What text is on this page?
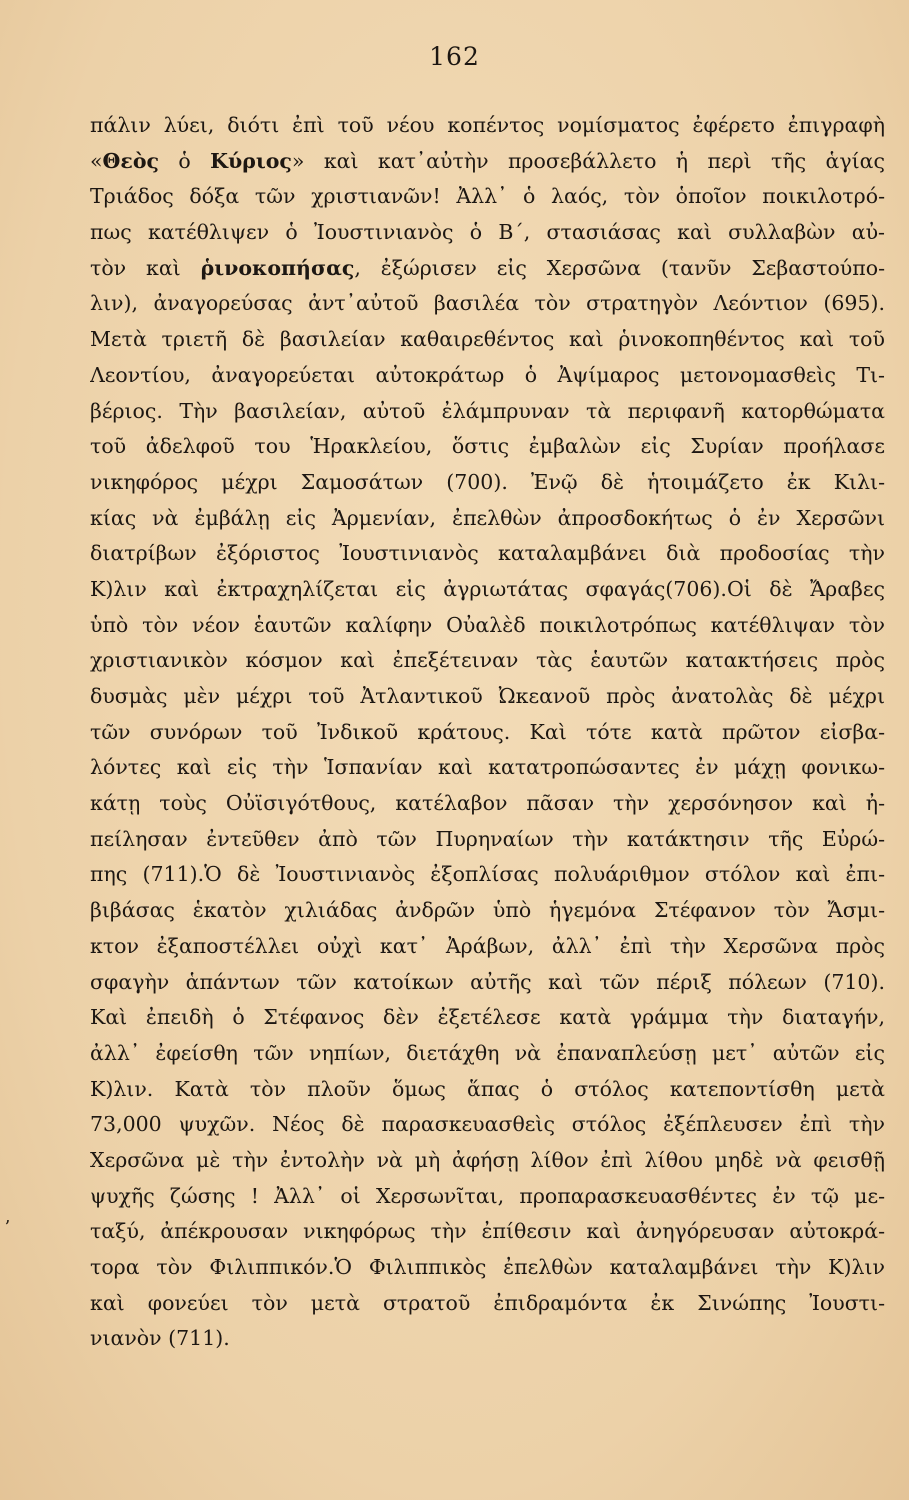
162
ʼ
πάλιν λύει, διότι ἐπὶ τοῦ νέου κοπέντος νομίσματος ἐφέρετο ἐπιγραφὴ
«Θεὸς ὁ Κύριος» καὶ κατ᾿αὐτὴν προσεβάλλετο ἡ περὶ τῆς ἁγίας
Τριάδος δόξα τῶν χριστιανῶν! Ἀλλ᾿ ὁ λαός, τὸν ὁποῖον ποικιλοτρό-
πως κατέθλιψεν ὁ Ἰουστινιανὸς ὁ Β΄, στασιάσας καὶ συλλαβὼν αὐ-
τὸν καὶ ῥινοκοπήσας, ἐξώρισεν εἰς Χερσῶνα (τανῦν Σεβαστούπο-
λιν), ἀναγορεύσας ἀντ᾿αὐτοῦ βασιλέα τὸν στρατηγὸν Λεόντιον (695).
Μετὰ τριετῆ δὲ βασιλείαν καθαιρεθέντος καὶ ῥινοκοπηθέντος καὶ τοῦ
Λεοντίου, ἀναγορεύεται αὐτοκράτωρ ὁ Ἀψίμαρος μετονομασθεὶς Τι-
βέριος. Τὴν βασιλείαν, αὐτοῦ ἐλάμπρυναν τὰ περιφανῆ κατορθώματα
τοῦ ἀδελφοῦ του Ἡρακλείου, ὅστις ἐμβαλὼν εἰς Συρίαν προήλασε
νικηφόρος μέχρι Σαμοσάτων (700). Ἐνῷ δὲ ἡτοιμάζετο ἐκ Κιλι-
κίας νὰ ἐμβάλῃ εἰς Ἀρμενίαν, ἐπελθὼν ἀπροσδοκήτως ὁ ἐν Χερσῶνι
διατρίβων ἐξόριστος Ἰουστινιανὸς καταλαμβάνει διὰ προδοσίας τὴν
Κ)λιν καὶ ἐκτραχηλίζεται εἰς ἀγριωτάτας σφαγάς(706).Οἱ δὲ Ἄραβες
ὑπὸ τὸν νέον ἑαυτῶν καλίφην Οὐαλὲδ ποικιλοτρόπως κατέθλιψαν τὸν
χριστιανικὸν κόσμον καὶ ἐπεξέτειναν τὰς ἑαυτῶν κατακτήσεις πρὸς
δυσμὰς μὲν μέχρι τοῦ Ἀτλαντικοῦ Ὠκεανοῦ πρὸς ἀνατολὰς δὲ μέχρι
τῶν συνόρων τοῦ Ἰνδικοῦ κράτους. Καὶ τότε κατὰ πρῶτον εἰσβα-
λόντες καὶ εἰς τὴν Ἱσπανίαν καὶ κατατροπώσαντες ἐν μάχῃ φονικω-
κάτῃ τοὺς Οὐϊσιγότθους, κατέλαβον πᾶσαν τὴν χερσόνησον καὶ ἠ-
πείλησαν ἐντεῦθεν ἀπὸ τῶν Πυρηναίων τὴν κατάκτησιν τῆς Εὐρώ-
πης (711).Ὁ δὲ Ἰουστινιανὸς ἐξοπλίσας πολυάριθμον στόλον καὶ ἐπι-
βιβάσας ἑκατὸν χιλιάδας ἀνδρῶν ὑπὸ ἡγεμόνα Στέφανον τὸν Ἄσμι-
κτον ἐξαποστέλλει οὐχὶ κατ᾿ Ἀράβων, ἀλλ᾿ ἐπὶ τὴν Χερσῶνα πρὸς
σφαγὴν ἁπάντων τῶν κατοίκων αὐτῆς καὶ τῶν πέριξ πόλεων (710).
Καὶ ἐπειδὴ ὁ Στέφανος δὲν ἐξετέλεσε κατὰ γράμμα τὴν διαταγήν,
ἀλλ᾿ ἐφείσθη τῶν νηπίων, διετάχθη νὰ ἐπαναπλεύσῃ μετ᾿ αὐτῶν εἰς
Κ)λιν. Κατὰ τὸν πλοῦν ὅμως ἅπας ὁ στόλος κατεποντίσθη μετὰ
73,000 ψυχῶν. Νέος δὲ παρασκευασθεὶς στόλος ἐξέπλευσεν ἐπὶ τὴν
Χερσῶνα μὲ τὴν ἐντολὴν νὰ μὴ ἀφήσῃ λίθον ἐπὶ λίθου μηδὲ νὰ φεισθῇ
ψυχῆς ζώσης ! Ἀλλ᾿ οἱ Χερσωνῖται, προπαρασκευασθέντες ἐν τῷ με-
ταξύ, ἀπέκρουσαν νικηφόρως τὴν ἐπίθεσιν καὶ ἀνηγόρευσαν αὐτοκρά-
τορα τὸν Φιλιππικόν.Ὁ Φιλιππικὸς ἐπελθὼν καταλαμβάνει τὴν Κ)λιν
καὶ φονεύει τὸν μετὰ στρατοῦ ἐπιδραμόντα ἐκ Σινώπης Ἰουστι-
νιανὸν (711).
